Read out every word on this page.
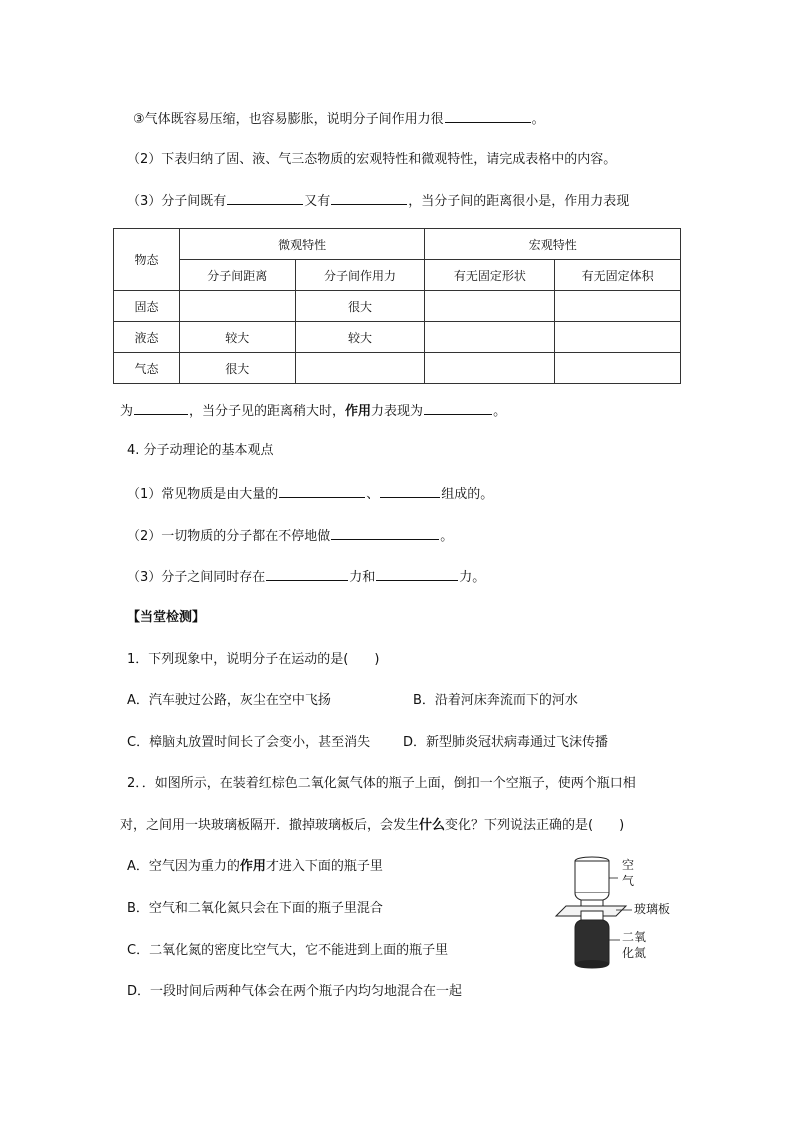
③气体既容易压缩，也容易膨胀，说明分子间作用力很	。
（2）下表归纳了固、液、气三态物质的宏观特性和微观特性，请完成表格中的内容。
（3）分子间既有	又有	，当分子间的距离很小是，作用力表现
物态	微观特性		宏观特性	
	分子间距离	分子间作用力	有无固定形状	有无固定体积
固态		很大		
液态	较大	较大		
气态	很大			
为	，当分子见的距离稍大时，作用力表现为	。
4. 分子动理论的基本观点
（1）常见物质是由大量的	、	组成的。
（2）一切物质的分子都在不停地做	。
（3）分子之间同时存在	力和	力。
【当堂检测】
1．下列现象中，说明分子在运动的是(　　)
A．汽车驶过公路，灰尘在空中飞扬	B．沿着河床奔流而下的河水
C．樟脑丸放置时间长了会变小，甚至消失	D．新型肺炎冠状病毒通过飞沫传播
2．．如图所示，在装着红棕色二氧化氮气体的瓶子上面，倒扣一个空瓶子，使两个瓶口相
对，之间用一块玻璃板隔开．撤掉玻璃板后，会发生什么变化？下列说法正确的是(　　)
A．空气因为重力的作用才进入下面的瓶子里
B．空气和二氧化氮只会在下面的瓶子里混合
C．二氧化氮的密度比空气大，它不能进到上面的瓶子里
D．一段时间后两种气体会在两个瓶子内均匀地混合在一起
空
气
玻璃板
二氧
化氮
